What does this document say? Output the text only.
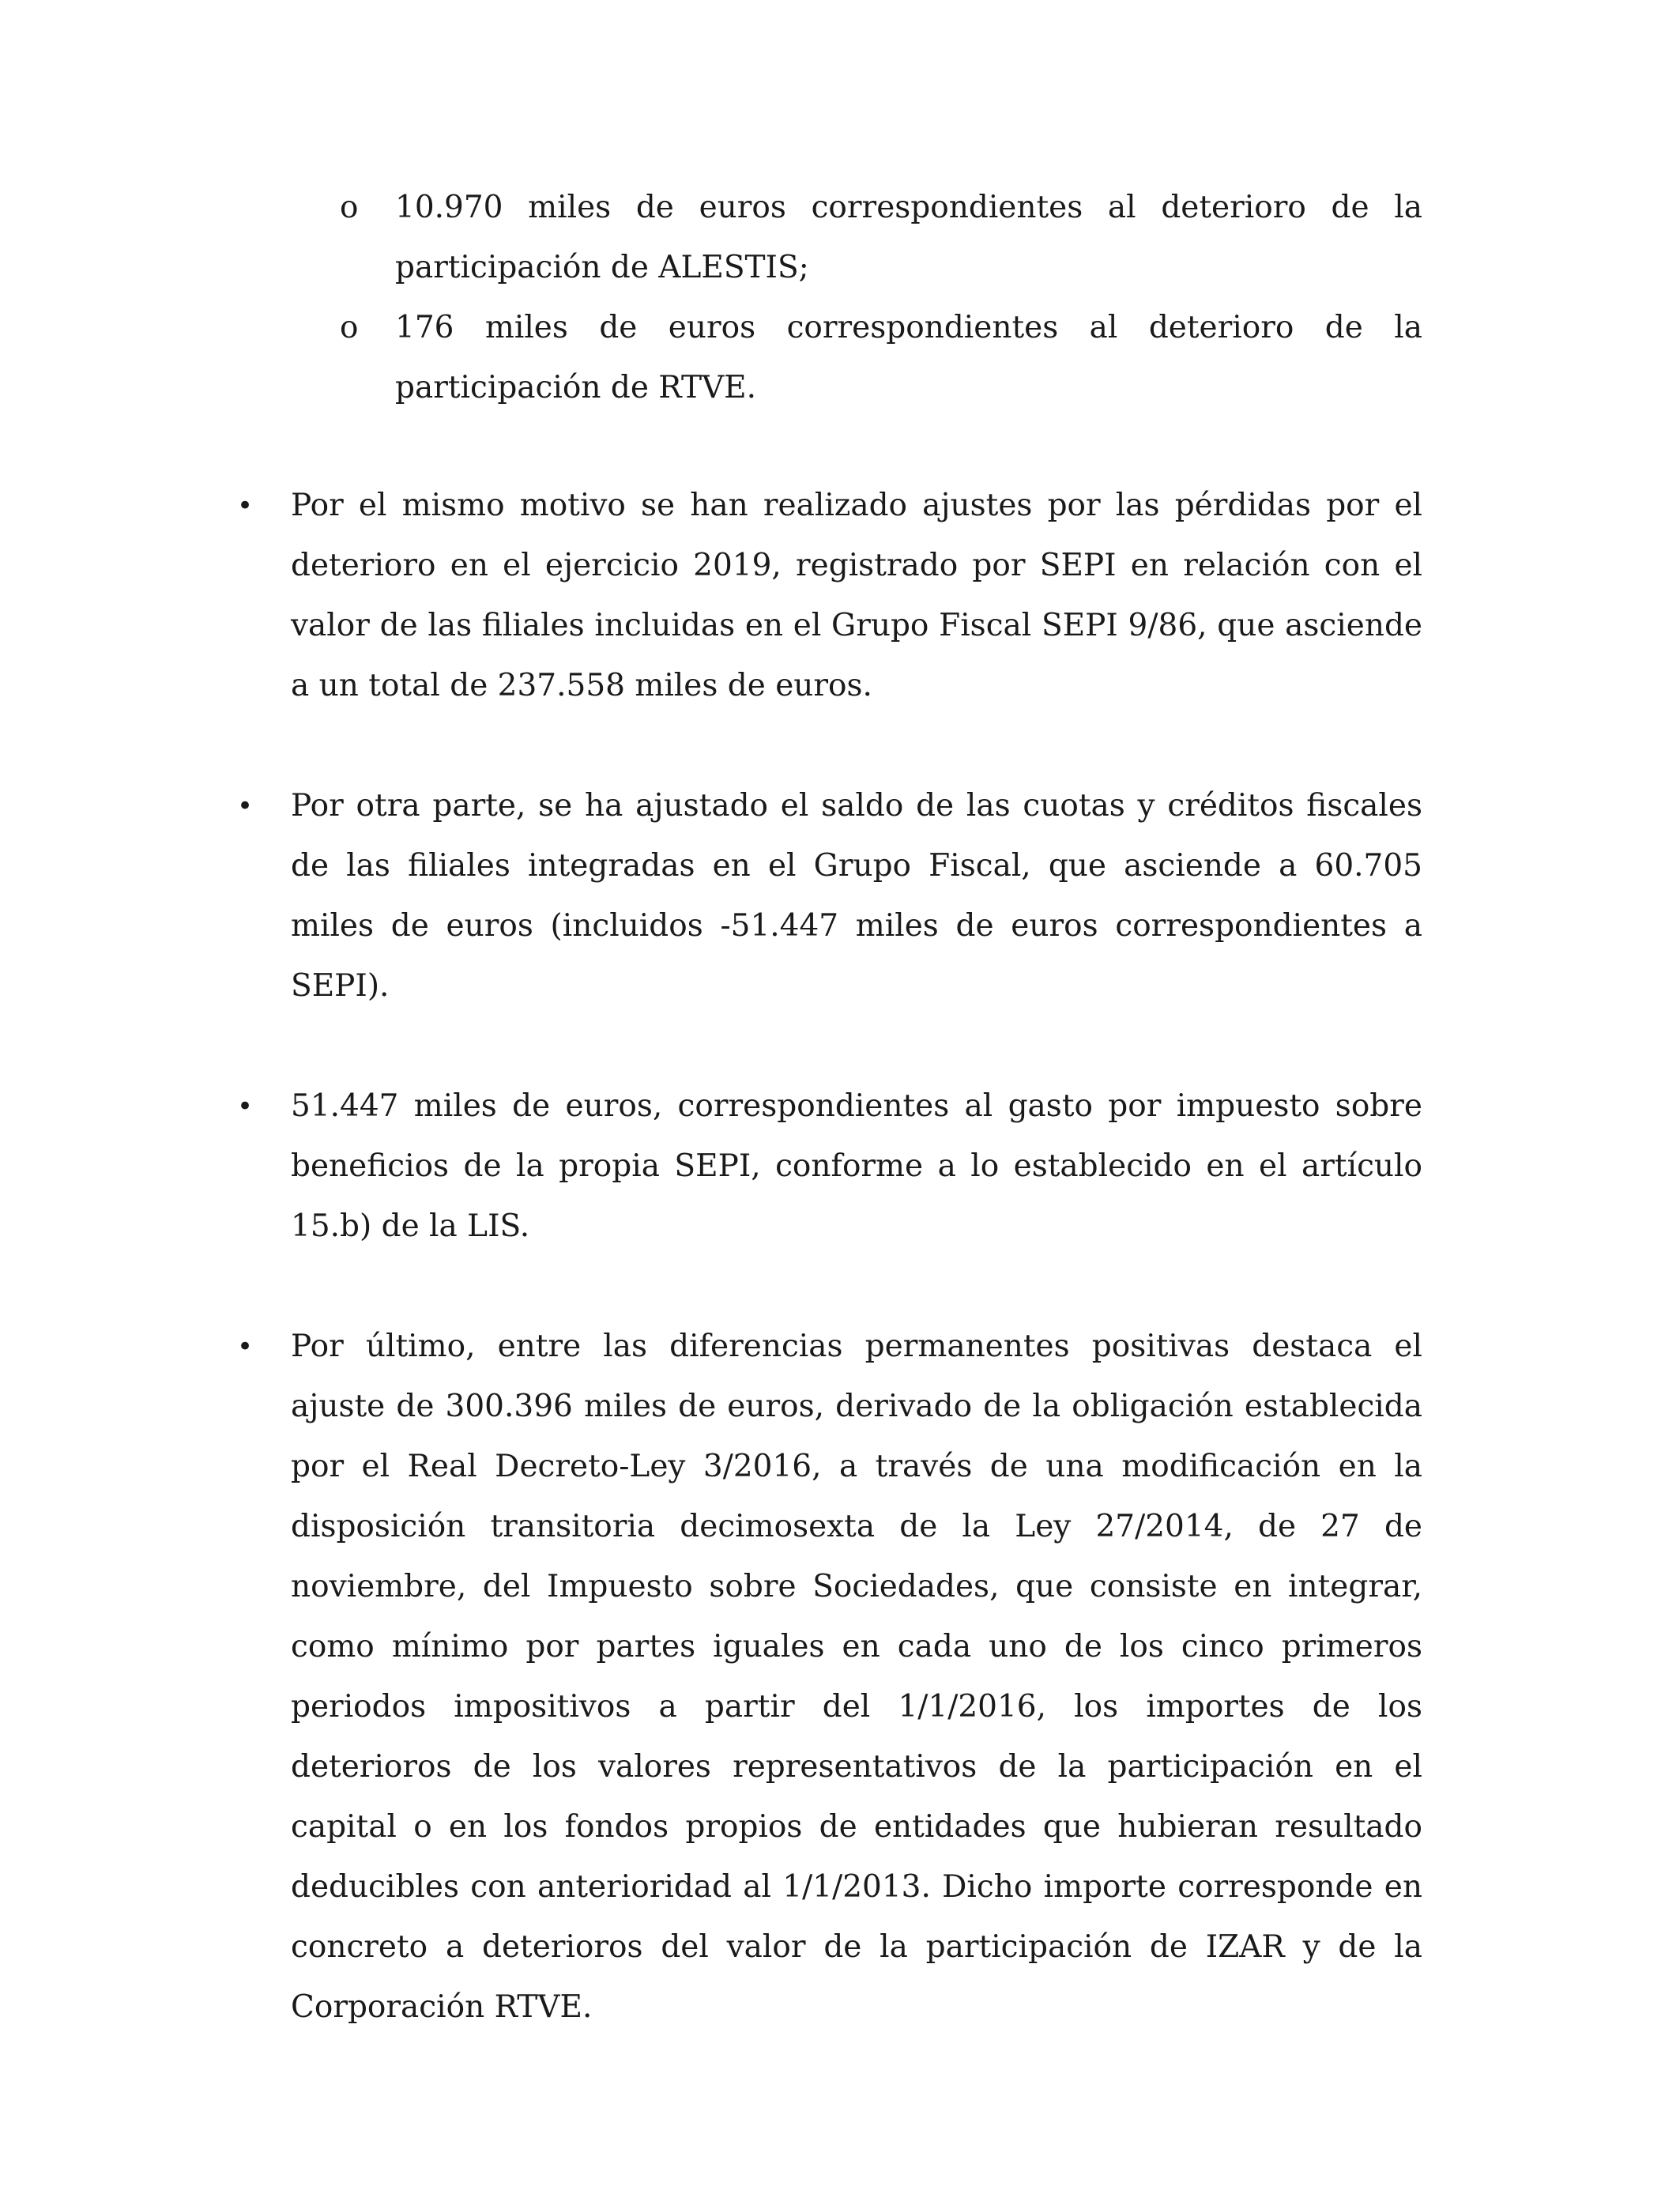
o 10.970 miles de euros correspondientes al deterioro de la participación de ALESTIS;
o 176 miles de euros correspondientes al deterioro de la participación de RTVE.
•	Por el mismo motivo se han realizado ajustes por las pérdidas por el deterioro en el ejercicio 2019, registrado por SEPI en relación con el valor de las filiales incluidas en el Grupo Fiscal SEPI 9/86, que asciende a un total de 237.558 miles de euros.
•	Por otra parte, se ha ajustado el saldo de las cuotas y créditos fiscales de las filiales integradas en el Grupo Fiscal, que asciende a 60.705 miles de euros (incluidos -51.447 miles de euros correspondientes a SEPI).
•	51.447 miles de euros, correspondientes al gasto por impuesto sobre beneficios de la propia SEPI, conforme a lo establecido en el artículo 15.b) de la LIS.
•	Por último, entre las diferencias permanentes positivas destaca el ajuste de 300.396 miles de euros, derivado de la obligación establecida por el Real Decreto-Ley 3/2016, a través de una modificación en la disposición transitoria decimosexta de la Ley 27/2014, de 27 de noviembre, del Impuesto sobre Sociedades, que consiste en integrar, como mínimo por partes iguales en cada uno de los cinco primeros periodos impositivos a partir del 1/1/2016, los importes de los deterioros de los valores representativos de la participación en el capital o en los fondos propios de entidades que hubieran resultado deducibles con anterioridad al 1/1/2013. Dicho importe corresponde en concreto a deterioros del valor de la participación de IZAR y de la Corporación RTVE.
